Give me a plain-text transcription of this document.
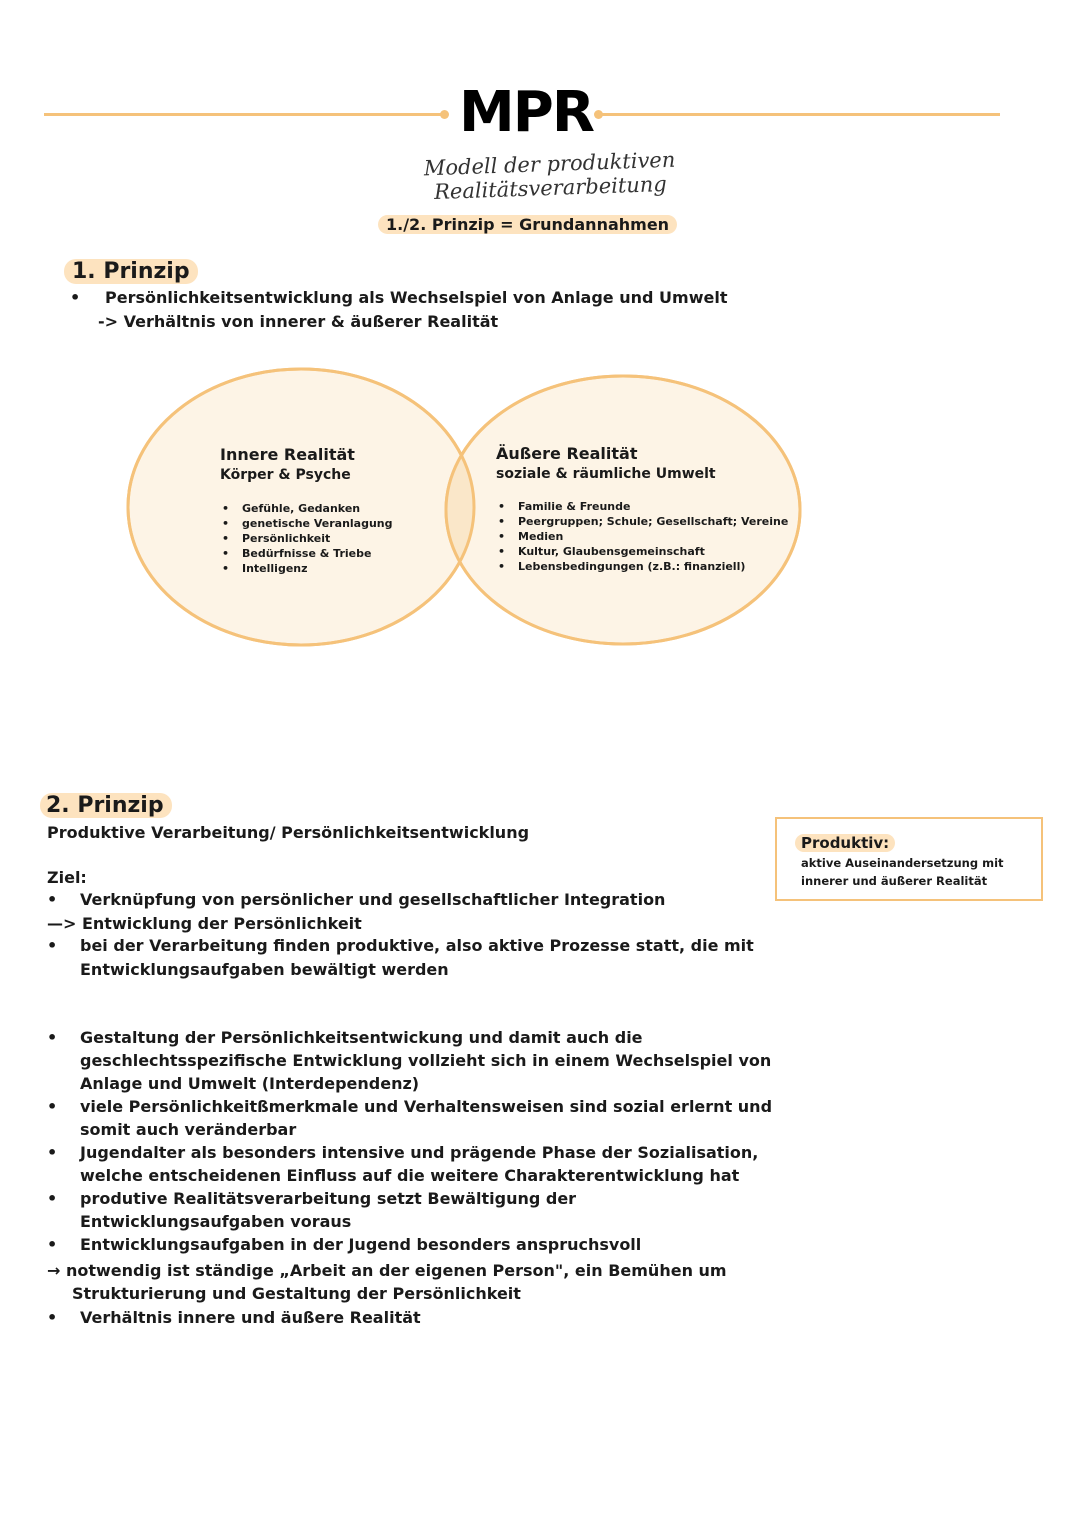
MPR
Modell der produktiven Realitätsverarbeitung
1./2. Prinzip = Grundannahmen
1. Prinzip
• Persönlichkeitsentwicklung als Wechselspiel von Anlage und Umwelt
-> Verhältnis von innerer & äußerer Realität
Innere Realität
Körper & Psyche
• Gefühle, Gedanken
• genetische Veranlagung
• Persönlichkeit
• Bedürfnisse & Triebe
• Intelligenz
Äußere Realität
soziale & räumliche Umwelt
• Familie & Freunde
• Peergruppen; Schule; Gesellschaft; Vereine
• Medien
• Kultur, Glaubensgemeinschaft
• Lebensbedingungen (z.B.: finanziell)
2. Prinzip
Produktive Verarbeitung/ Persönlichkeitsentwicklung
Ziel:
• Verknüpfung von persönlicher und gesellschaftlicher Integration
—> Entwicklung der Persönlichkeit
• bei der Verarbeitung finden produktive, also aktive Prozesse statt, die mit
Entwicklungsaufgaben bewältigt werden
• Gestaltung der Persönlichkeitsentwickung und damit auch die
geschlechtsspezifische Entwicklung vollzieht sich in einem Wechselspiel von
Anlage und Umwelt (Interdependenz)
• viele Persönlichkeitßmerkmale und Verhaltensweisen sind sozial erlernt und
somit auch veränderbar
• Jugendalter als besonders intensive und prägende Phase der Sozialisation,
welche entscheidenen Einfluss auf die weitere Charakterentwicklung hat
• produtive Realitätsverarbeitung setzt Bewältigung der
Entwicklungsaufgaben voraus
• Entwicklungsaufgaben in der Jugend besonders anspruchsvoll
→ notwendig ist ständige „Arbeit an der eigenen Person", ein Bemühen um
Strukturierung und Gestaltung der Persönlichkeit
• Verhältnis innere und äußere Realität
Produktiv:
aktive Auseinandersetzung mit
innerer und äußerer Realität
